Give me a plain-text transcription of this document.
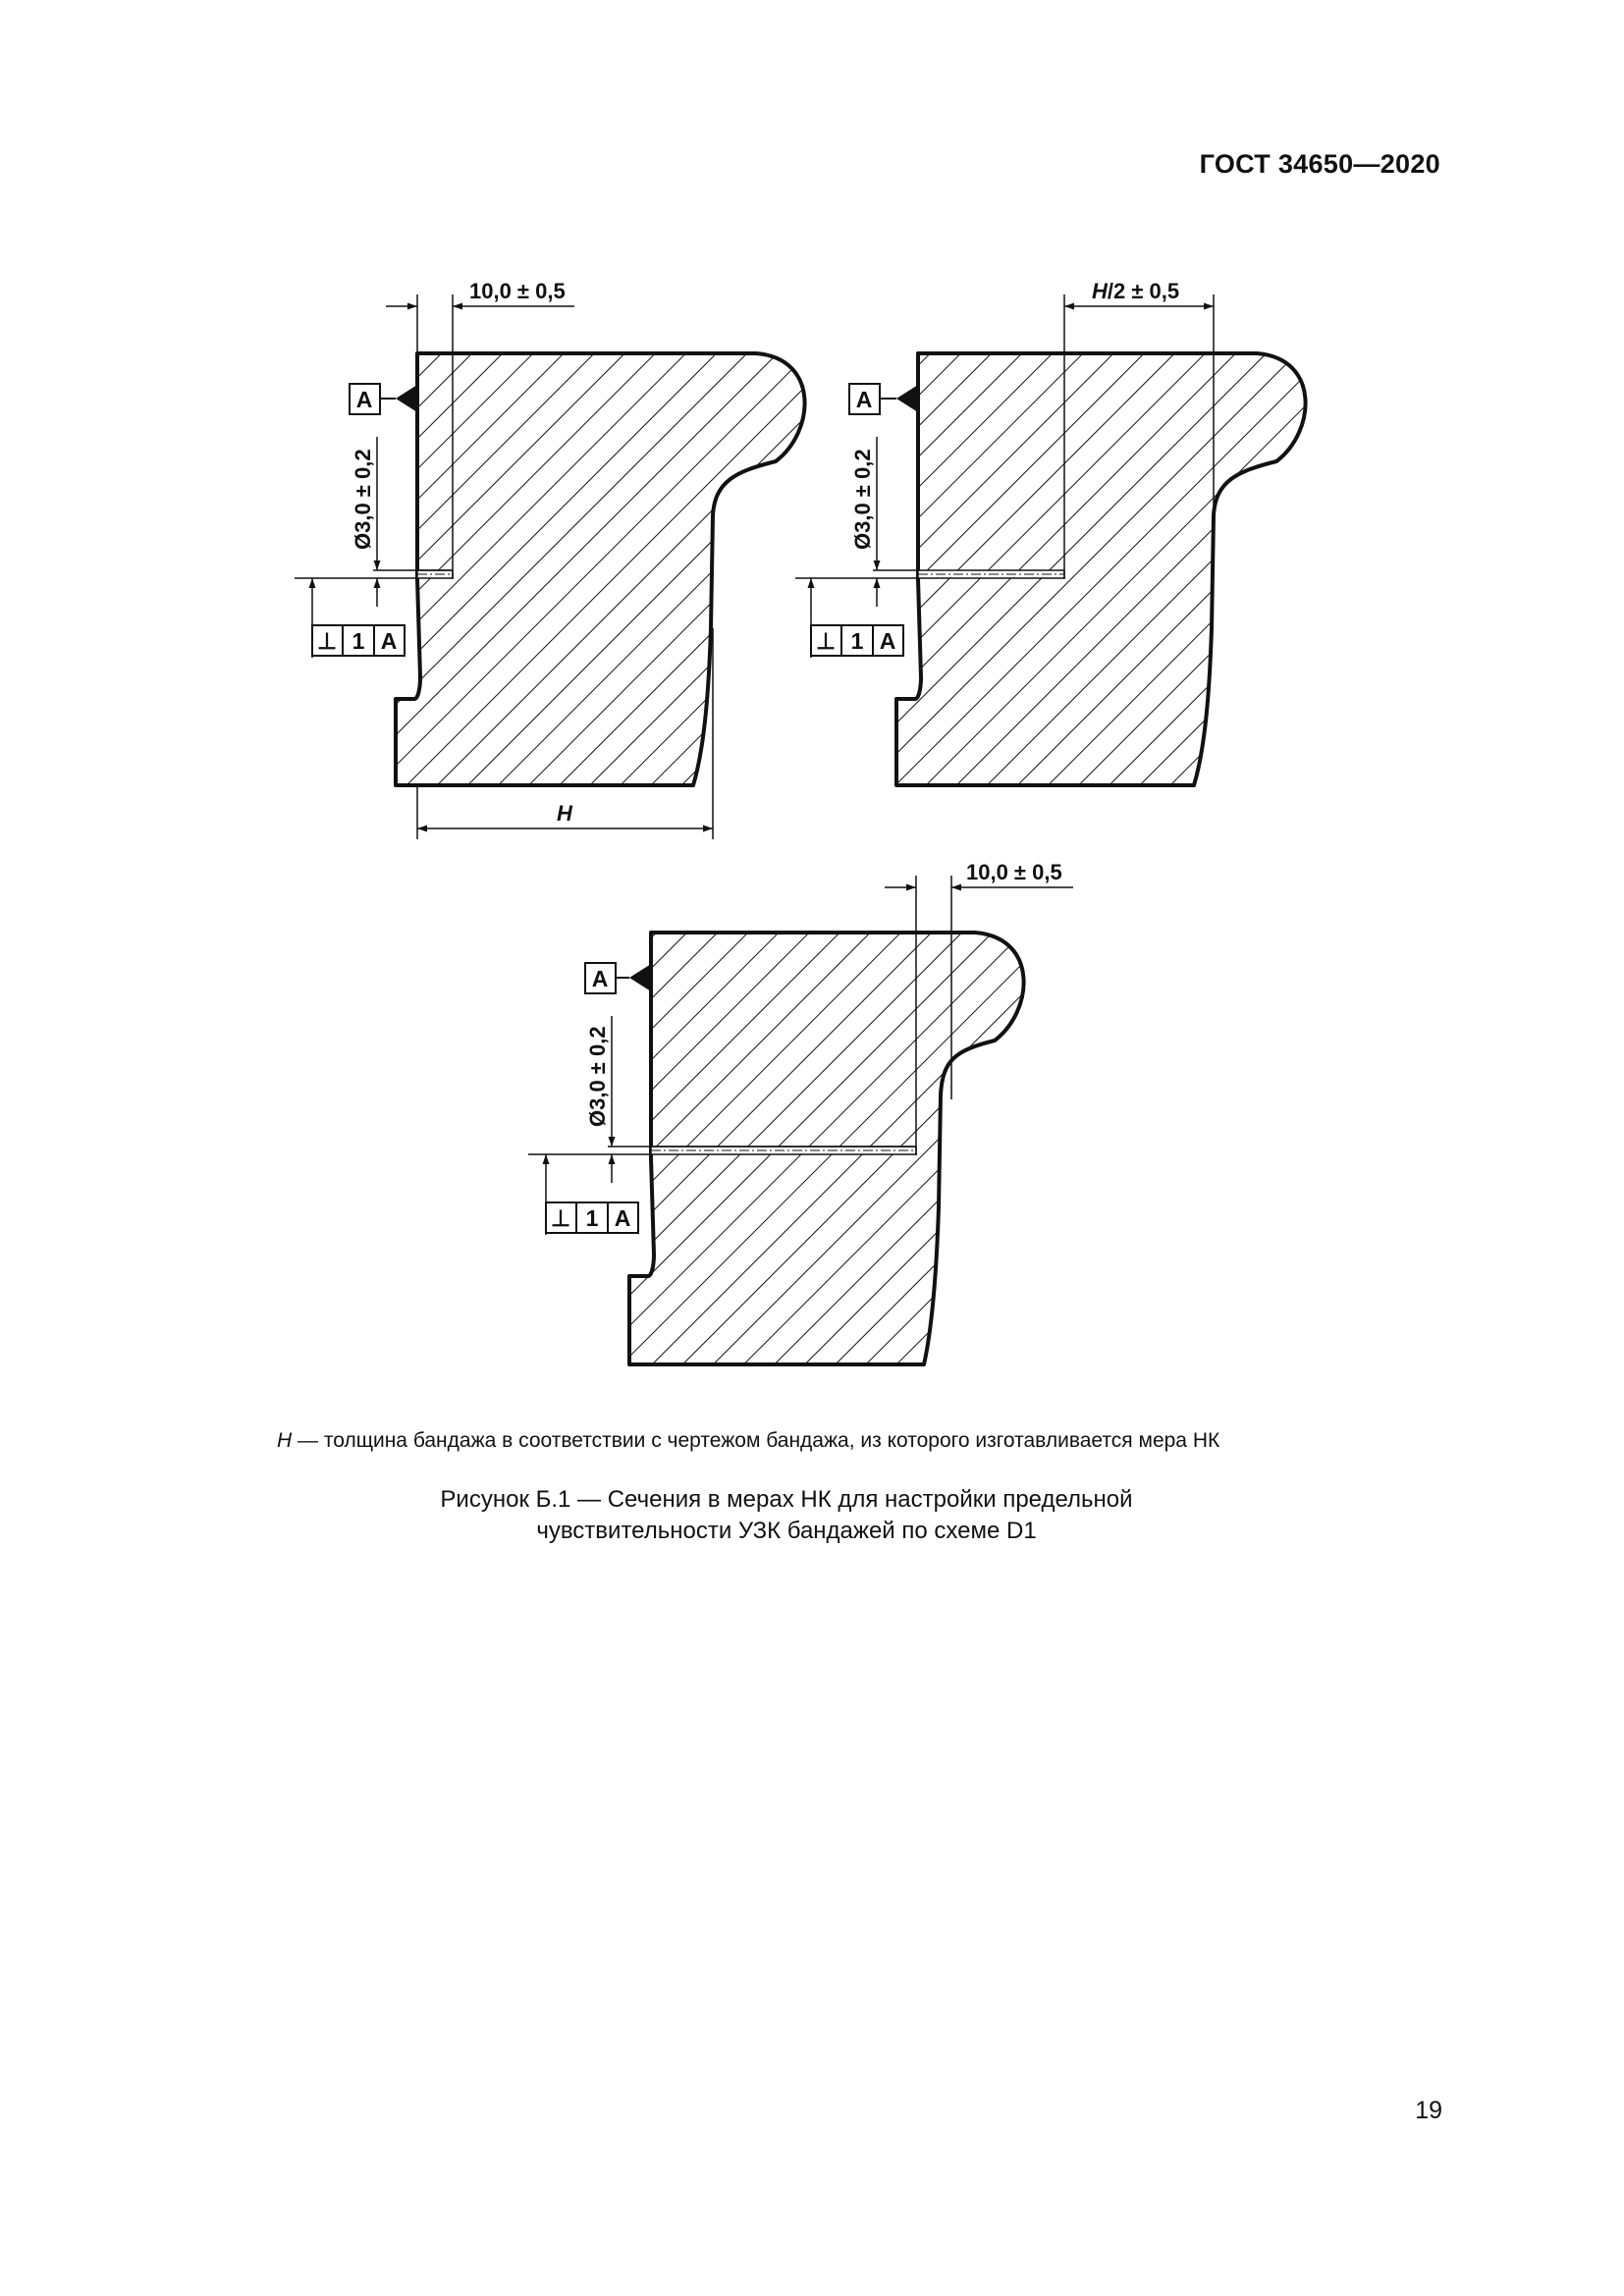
ГОСТ 34650—2020
10,0 ± 0,5
A
Ø3,0 ± 0,2
⊥ 1 A
H
H/2 ± 0,5
A
Ø3,0 ± 0,2
⊥ 1 A
10,0 ± 0,5
A
Ø3,0 ± 0,2
⊥ 1 A
H — толщина бандажа в соответствии с чертежом бандажа, из которого изготавливается мера НК
Рисунок Б.1 — Сечения в мерах НК для настройки предельной
чувствительности УЗК бандажей по схеме D1
19
